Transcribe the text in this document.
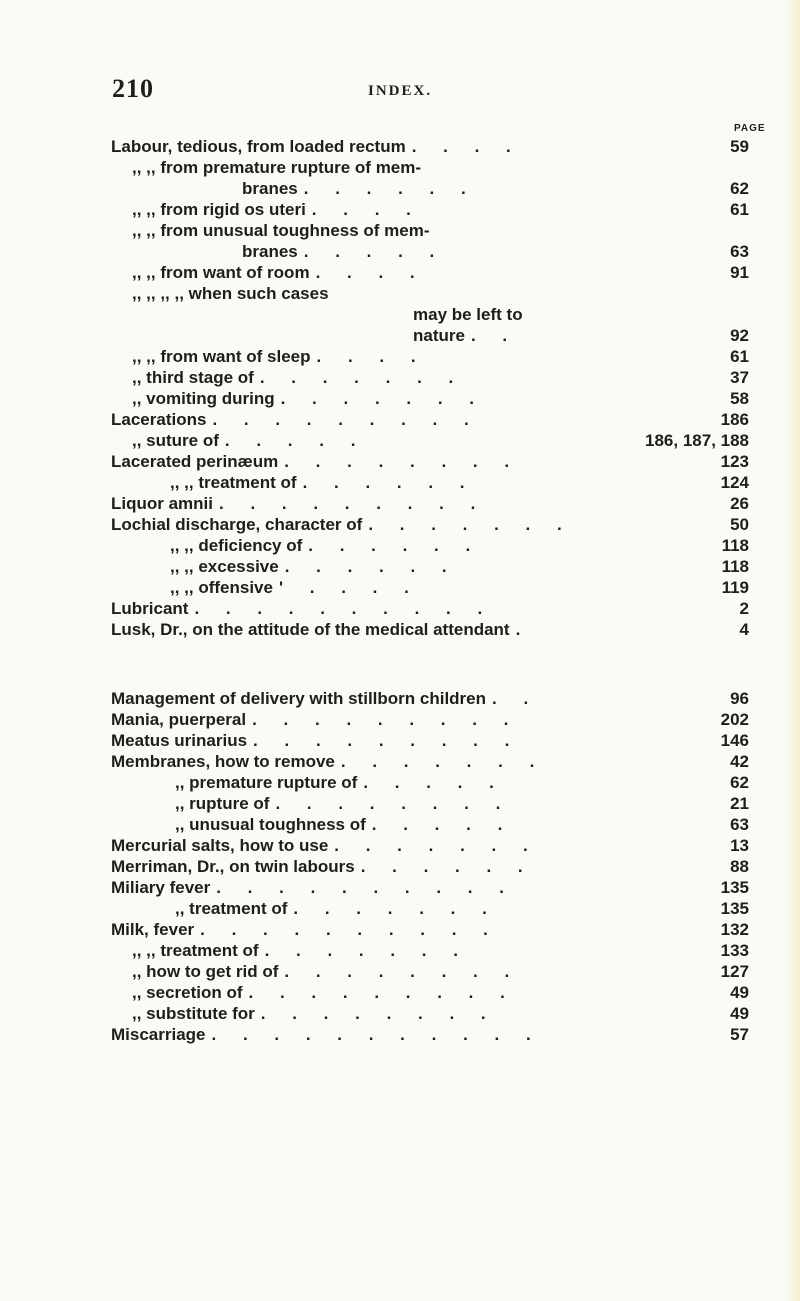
210	INDEX.
PAGE
Labour, tedious, from loaded rectum . . . .	59
,, ,, from premature rupture of mem-
branes . . . . . .	62
,, ,, from rigid os uteri . . . .	61
,, ,, from unusual toughness of mem-
branes . . . . .	63
,, ,, from want of room . . . .	91
,, ,, ,, ,, when such cases
may be left to
nature . .	92
,, ,, from want of sleep . . . .	61
,, third stage of . . . . . . .	37
,, vomiting during . . . . . . .	58
Lacerations . . . . . . . . .	186
,, suture of . . . . .	186, 187, 188
Lacerated perinæum . . . . . . . .	123
,, ,, treatment of . . . . . .	124
Liquor amnii . . . . . . . . .	26
Lochial discharge, character of . . . . . . .	50
,, ,, deficiency of . . . . . .	118
,, ,, excessive . . . . . .	118
,, ,, offensive ' . . . .	119
Lubricant . . . . . . . . . .	2
Lusk, Dr., on the attitude of the medical attendant .	4
Management of delivery with stillborn children . .	96
Mania, puerperal . . . . . . . . .	202
Meatus urinarius . . . . . . . . .	146
Membranes, how to remove . . . . . . .	42
,, premature rupture of . . . . .	62
,, rupture of . . . . . . . .	21
,, unusual toughness of . . . . .	63
Mercurial salts, how to use . . . . . . .	13
Merriman, Dr., on twin labours . . . . . .	88
Miliary fever . . . . . . . . . .	135
,, treatment of . . . . . . .	135
Milk, fever . . . . . . . . . .	132
,, ,, treatment of . . . . . . .	133
,, how to get rid of . . . . . . . .	127
,, secretion of . . . . . . . . .	49
,, substitute for . . . . . . . .	49
Miscarriage . . . . . . . . . . .	57
